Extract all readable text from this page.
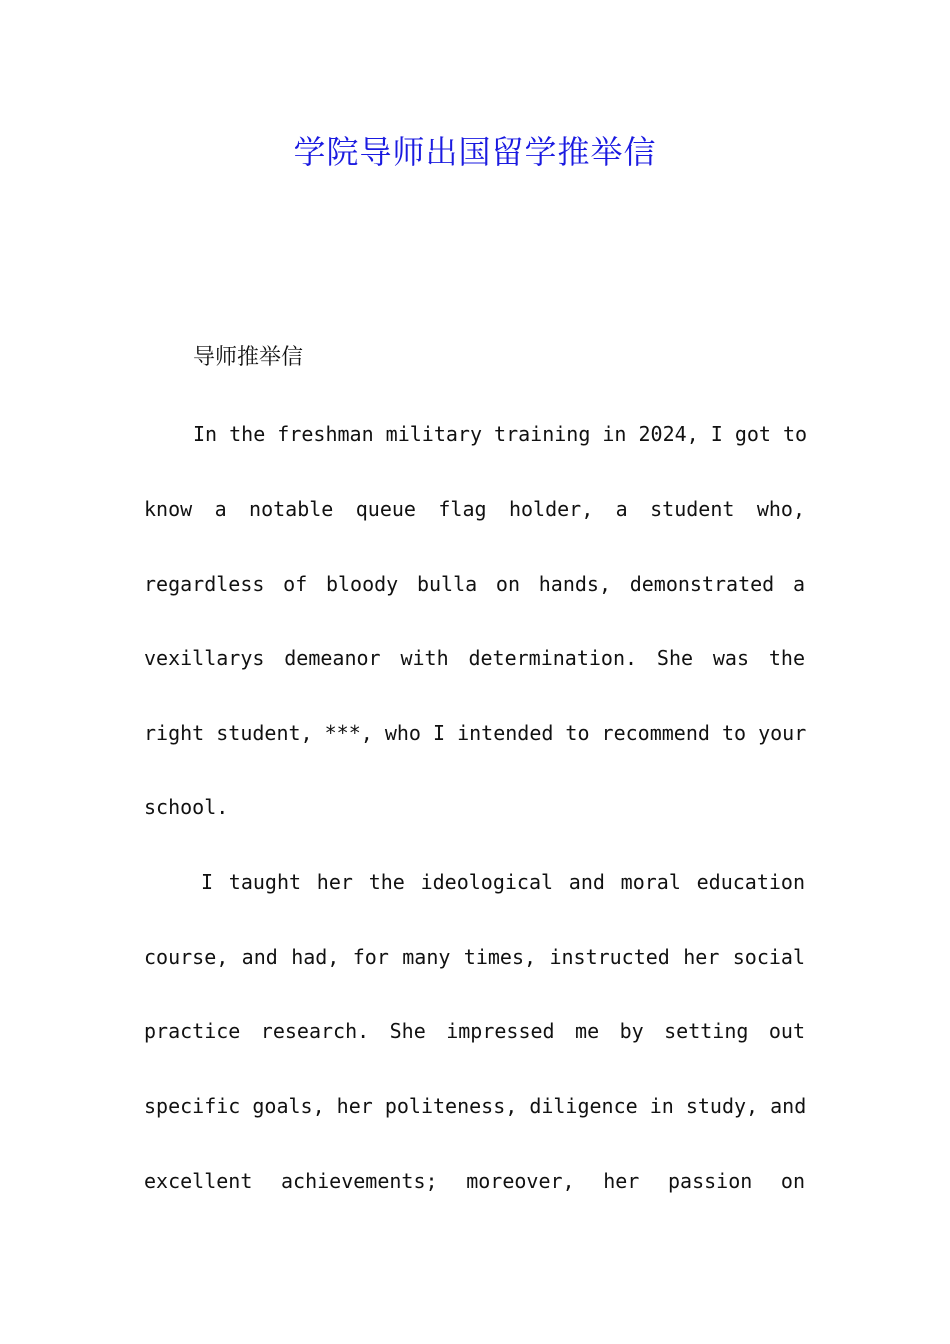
学院导师出国留学推举信
导师推举信

In the freshman military training in 2024, I got to

know a notable queue flag holder, a student who,

regardless of bloody bulla on hands, demonstrated a

vexillarys demeanor with determination. She was the

right student, ***, who I intended to recommend to your

school.

I taught her the ideological and moral education

course, and had, for many times, instructed her social

practice research. She impressed me by setting out

specific goals, her politeness, diligence in study, and

excellent achievements; moreover, her passion on
